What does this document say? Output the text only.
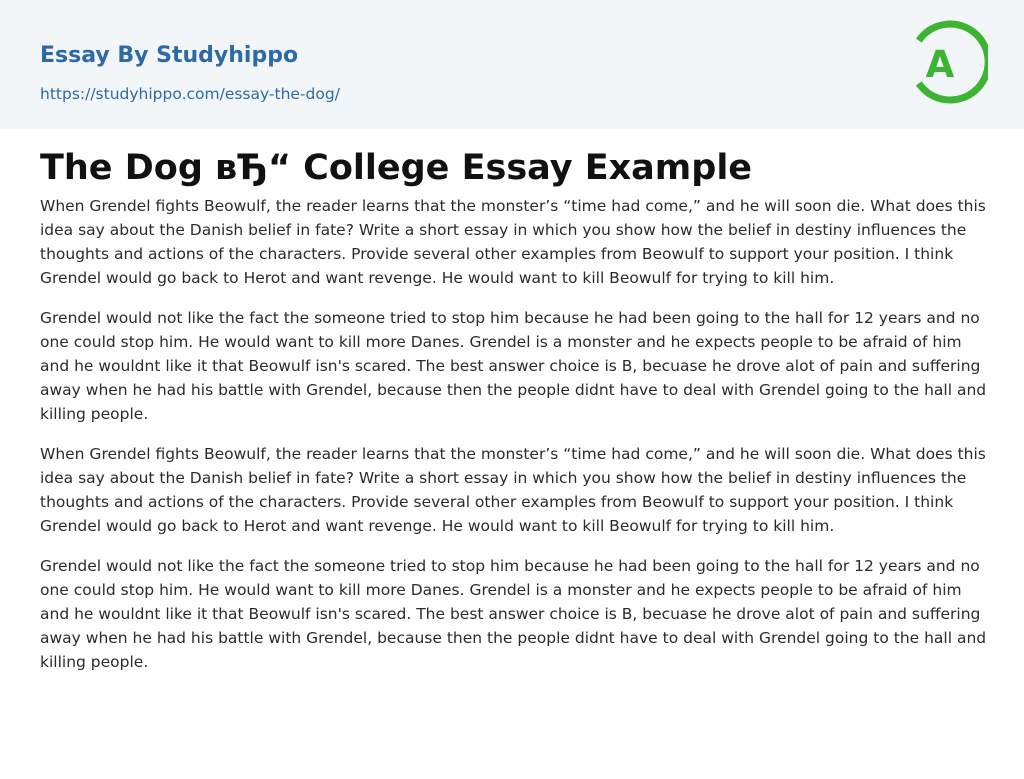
Essay By Studyhippo
https://studyhippo.com/essay-the-dog/
A
The Dog вЂ“ College Essay Example

When Grendel fights Beowulf, the reader learns that the monster’s “time had come,” and he will soon die. What does this idea say about the Danish belief in fate? Write a short essay in which you show how the belief in destiny influences the thoughts and actions of the characters. Provide several other examples from Beowulf to support your position. I think Grendel would go back to Herot and want revenge. He would want to kill Beowulf for trying to kill him.

Grendel would not like the fact the someone tried to stop him because he had been going to the hall for 12 years and no one could stop him. He would want to kill more Danes. Grendel is a monster and he expects people to be afraid of him and he wouldnt like it that Beowulf isn's scared. The best answer choice is B, becuase he drove alot of pain and suffering away when he had his battle with Grendel, because then the people didnt have to deal with Grendel going to the hall and killing people.

When Grendel fights Beowulf, the reader learns that the monster’s “time had come,” and he will soon die. What does this idea say about the Danish belief in fate? Write a short essay in which you show how the belief in destiny influences the thoughts and actions of the characters. Provide several other examples from Beowulf to support your position. I think Grendel would go back to Herot and want revenge. He would want to kill Beowulf for trying to kill him.

Grendel would not like the fact the someone tried to stop him because he had been going to the hall for 12 years and no one could stop him. He would want to kill more Danes. Grendel is a monster and he expects people to be afraid of him and he wouldnt like it that Beowulf isn's scared. The best answer choice is B, becuase he drove alot of pain and suffering away when he had his battle with Grendel, because then the people didnt have to deal with Grendel going to the hall and killing people.
